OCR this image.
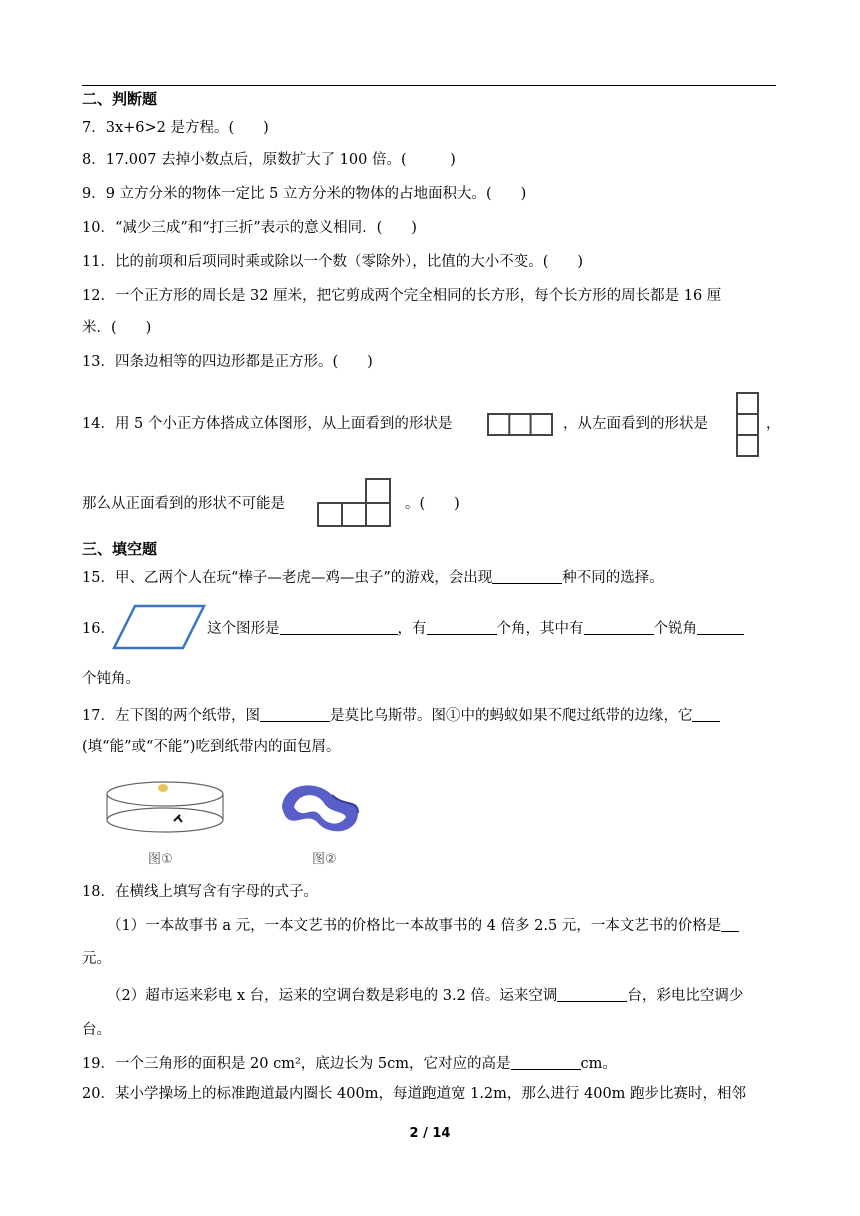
二、判断题
7．3x+6>2 是方程。(　　)
8．17.007 去掉小数点后，原数扩大了 100 倍。(　　　)
9．9 立方分米的物体一定比 5 立方分米的物体的占地面积大。(　　)
10．“减少三成”和“打三折”表示的意义相同．(　　)
11．比的前项和后项同时乘或除以一个数（零除外），比值的大小不变。(　　)
12．一个正方形的周长是 32 厘米，把它剪成两个完全相同的长方形，每个长方形的周长都是 16 厘
米．(　　)
13．四条边相等的四边形都是正方形。(　　)
14．用 5 个小正方体搭成立体图形，从上面看到的形状是	，从左面看到的形状是	，
那么从正面看到的形状不可能是	。(　　)
三、填空题
15．甲、乙两个人在玩“棒子—老虎—鸡—虫子”的游戏，会出现	种不同的选择。
16．	这个图形是	，有	个角，其中有	个锐角
个钝角。
17．左下图的两个纸带，图	是莫比乌斯带。图①中的蚂蚁如果不爬过纸带的边缘，它
(填“能”或“不能”)吃到纸带内的面包屑。
图①	图②
18．在横线上填写含有字母的式子。
（1）一本故事书 a 元，一本文艺书的价格比一本故事书的 4 倍多 2.5 元，一本文艺书的价格是
元。
（2）超市运来彩电 x 台，运来的空调台数是彩电的 3.2 倍。运来空调	台，彩电比空调少
台。
19．一个三角形的面积是 20 cm²，底边长为 5cm，它对应的高是	cm。
20．某小学操场上的标准跑道最内圈长 400m，每道跑道宽 1.2m，那么进行 400m 跑步比赛时，相邻
2 / 14
